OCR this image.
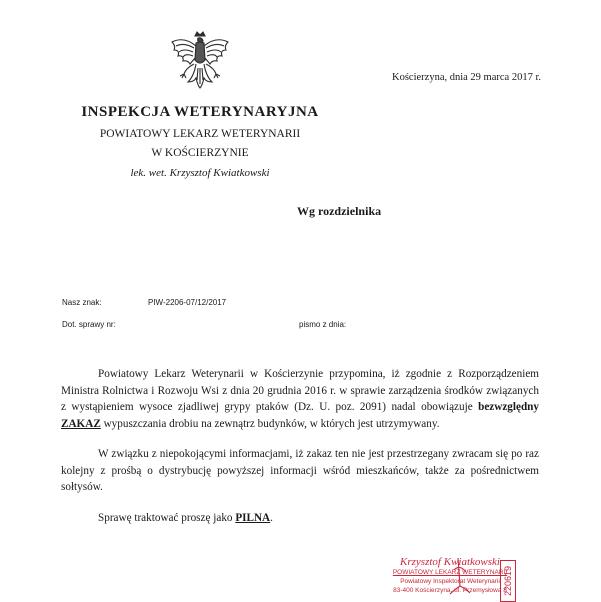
Kościerzyna, dnia 29 marca 2017 r.
INSPEKCJA WETERYNARYJNA
POWIATOWY LEKARZ WETERYNARII
W KOŚCIERZYNIE
lek. wet. Krzysztof Kwiatkowski
Wg rozdzielnika
Nasz znak:	PIW-2206-07/12/2017
Dot. sprawy nr:	pismo z dnia:

Powiatowy Lekarz Weterynarii w Kościerzynie przypomina, iż zgodnie z Rozporządzeniem Ministra Rolnictwa i Rozwoju Wsi z dnia 20 grudnia 2016 r. w sprawie zarządzenia środków związanych z wystąpieniem wysoce zjadliwej grypy ptaków (Dz. U. poz. 2091) nadal obowiązuje bezwzględny ZAKAZ wypuszczania drobiu na zewnątrz budynków, w których jest utrzymywany.

W związku z niepokojącymi informacjami, iż zakaz ten nie jest przestrzegany zwracam się po raz kolejny z prośbą o dystrybucję powyższej informacji wśród mieszkańców, także za pośrednictwem sołtysów.

Sprawę traktować proszę jako PILNA.

Krzysztof Kwiatkowski
POWIATOWY LEKARZ WETERYNARII
Powiatowy Inspektorat Weterynarii
83-400 Kościerzyna, ul. Przemysłowa 8
220619
